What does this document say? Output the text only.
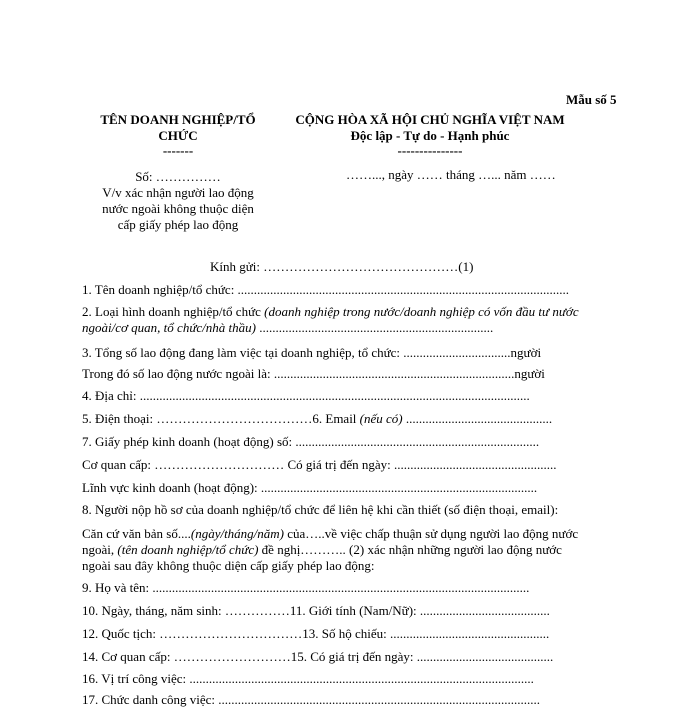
Mẫu số 5
TÊN DOANH NGHIỆP/TỔ
CHỨC
-------
CỘNG HÒA XÃ HỘI CHỦ NGHĨA VIỆT NAM
Độc lập - Tự do - Hạnh phúc
---------------
Số: ……………
V/v xác nhận người lao động
nước ngoài không thuộc diện
cấp giấy phép lao động
……..., ngày …… tháng …... năm ……
Kính gửi: ………………………………………(1)
1. Tên doanh nghiệp/tổ chức: ......................................................................................................
2. Loại hình doanh nghiệp/tổ chức (doanh nghiệp trong nước/doanh nghiệp có vốn đầu tư nước
ngoài/cơ quan, tổ chức/nhà thầu) ........................................................................
3. Tổng số lao động đang làm việc tại doanh nghiệp, tổ chức: .................................người
Trong đó số lao động nước ngoài là: ..........................................................................người
4. Địa chỉ: ........................................................................................................................
5. Điện thoại: ………………………………6. Email (nếu có) .............................................
7. Giấy phép kinh doanh (hoạt động) số: ...........................................................................
Cơ quan cấp: ………………………… Có giá trị đến ngày: ..................................................
Lĩnh vực kinh doanh (hoạt động): .....................................................................................
8. Người nộp hồ sơ của doanh nghiệp/tổ chức để liên hệ khi cần thiết (số điện thoại, email):
Căn cứ văn bản số....(ngày/tháng/năm) của…..về việc chấp thuận sử dụng người lao động nước
ngoài, (tên doanh nghiệp/tổ chức) đề nghị……….. (2) xác nhận những người lao động nước
ngoài sau đây không thuộc diện cấp giấy phép lao động:
9. Họ và tên: ....................................................................................................................
10. Ngày, tháng, năm sinh: ……………11. Giới tính (Nam/Nữ): ........................................
12. Quốc tịch: ……………………………13. Số hộ chiếu: .................................................
14. Cơ quan cấp: ………………………15. Có giá trị đến ngày: ..........................................
16. Vị trí công việc: ..........................................................................................................
17. Chức danh công việc: ...................................................................................................
